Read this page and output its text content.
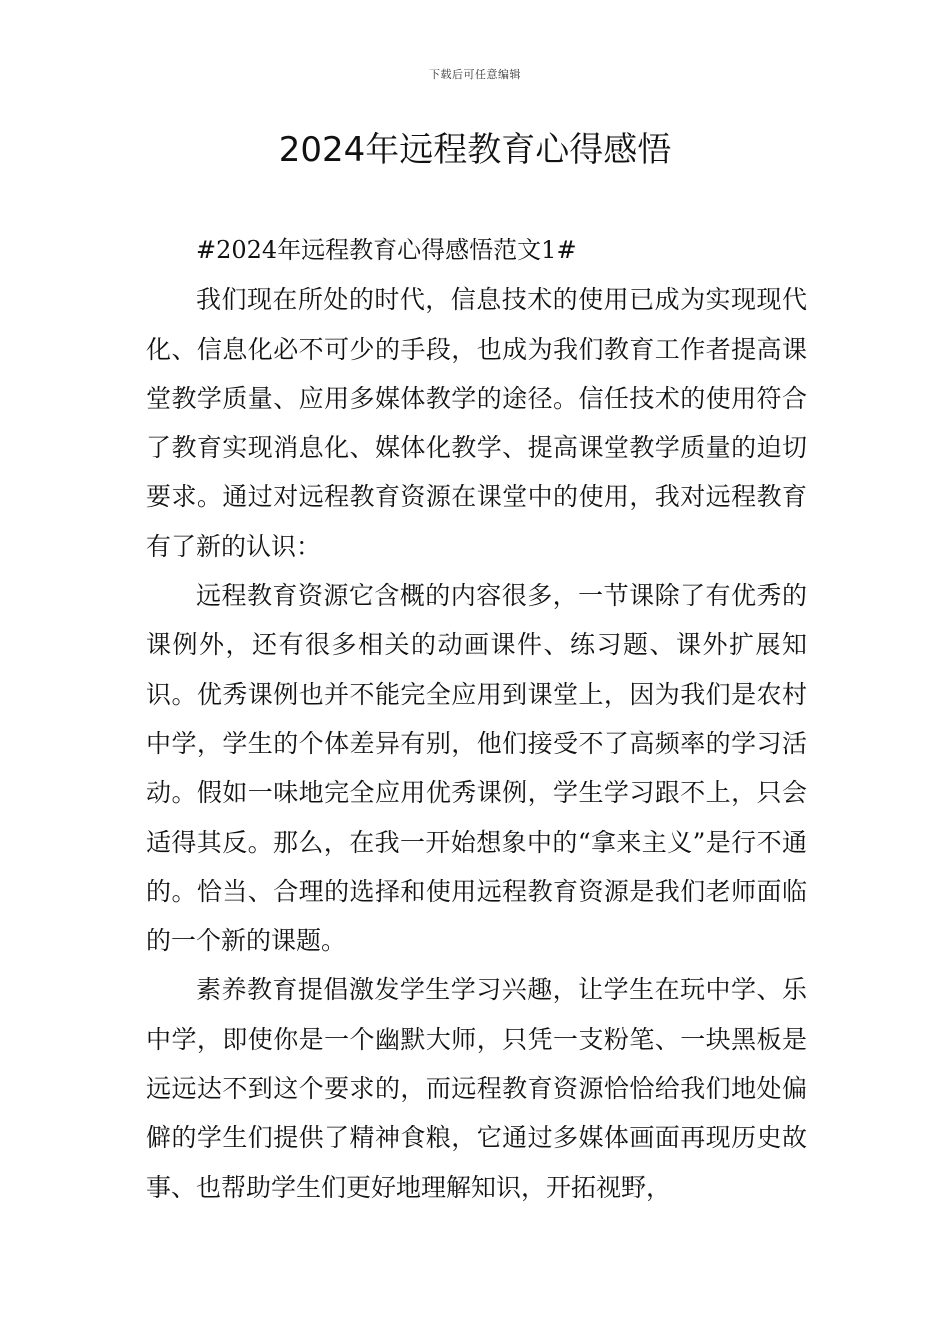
下载后可任意编辑
2024年远程教育心得感悟

#2024年远程教育心得感悟范文1#

我们现在所处的时代，信息技术的使用已成为实现现代化、信息化必不可少的手段，也成为我们教育工作者提高课堂教学质量、应用多媒体教学的途径。信任技术的使用符合了教育实现消息化、媒体化教学、提高课堂教学质量的迫切要求。通过对远程教育资源在课堂中的使用，我对远程教育有了新的认识：

远程教育资源它含概的内容很多，一节课除了有优秀的课例外，还有很多相关的动画课件、练习题、课外扩展知识。优秀课例也并不能完全应用到课堂上，因为我们是农村中学，学生的个体差异有别，他们接受不了高频率的学习活动。假如一味地完全应用优秀课例，学生学习跟不上，只会适得其反。那么，在我一开始想象中的“拿来主义”是行不通的。恰当、合理的选择和使用远程教育资源是我们老师面临的一个新的课题。

素养教育提倡激发学生学习兴趣，让学生在玩中学、乐中学，即使你是一个幽默大师，只凭一支粉笔、一块黑板是远远达不到这个要求的，而远程教育资源恰恰给我们地处偏僻的学生们提供了精神食粮，它通过多媒体画面再现历史故事、也帮助学生们更好地理解知识，开拓视野，
